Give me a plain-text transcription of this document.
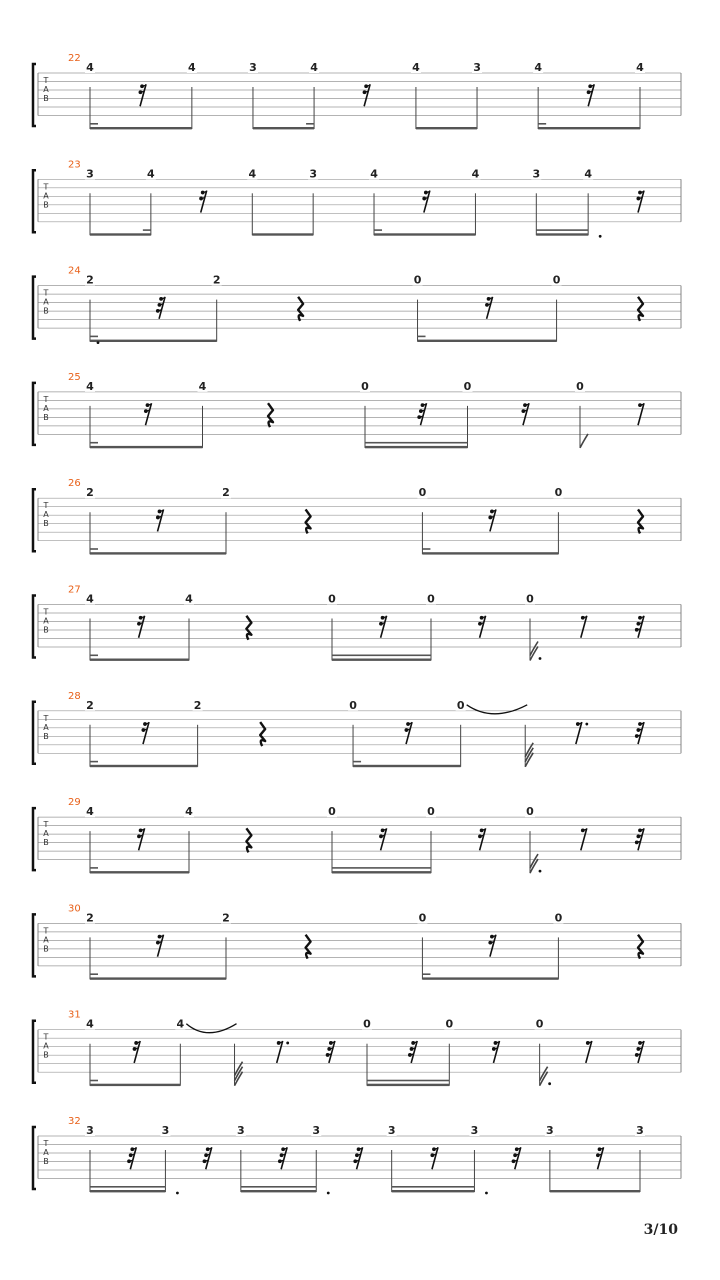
T
A
B
22
4	4	3	4	4	3	4	4
T
A
B
23
3	4	4	3	4	4	3	4
T
A
B
24
2	2	0	0
T
A
B
25
4	4	0	0	0
T
A
B
26
2	2	0	0
T
A
B
27
4	4	0	0	0
T
A
B
28
2	2	0	0
T
A
B
29
4	4	0	0	0
T
A
B
30
2	2	0	0
T
A
B
31
4	4	0	0	0
T
A
B
32
3	3	3	3	3	3	3	3
3/10
